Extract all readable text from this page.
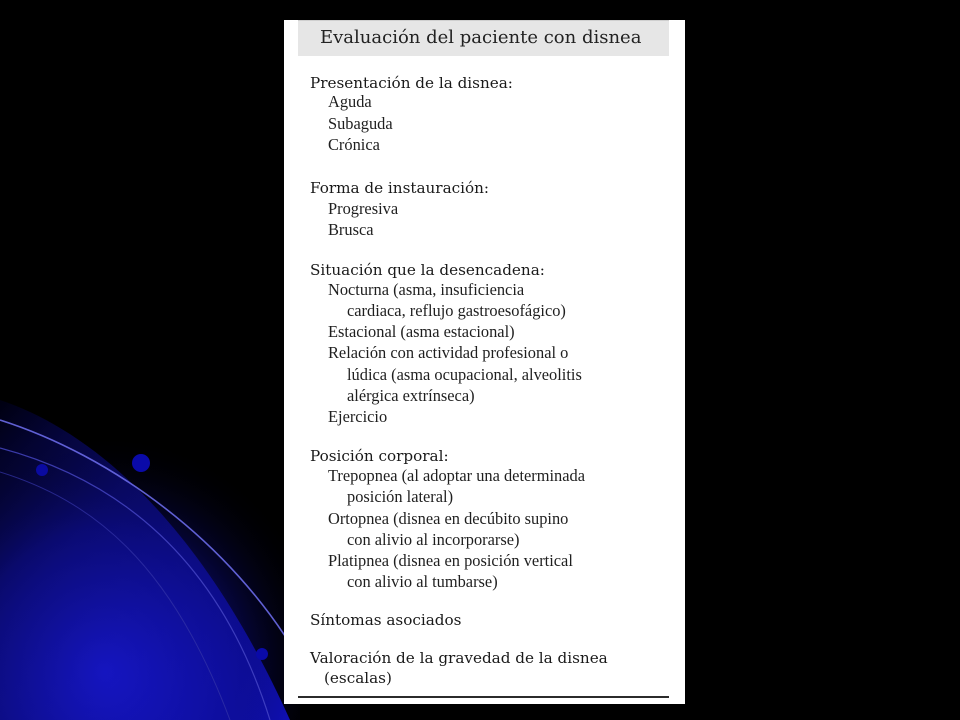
Evaluación del paciente con disnea
Presentación de la disnea:
Aguda
Subaguda
Crónica
Forma de instauración:
Progresiva
Brusca
Situación que la desencadena:
Nocturna (asma, insuficiencia
cardiaca, reflujo gastroesofágico)
Estacional (asma estacional)
Relación con actividad profesional o
lúdica (asma ocupacional, alveolitis
alérgica extrínseca)
Ejercicio
Posición corporal:
Trepopnea (al adoptar una determinada
posición lateral)
Ortopnea (disnea en decúbito supino
con alivio al incorporarse)
Platipnea (disnea en posición vertical
con alivio al tumbarse)
Síntomas asociados
Valoración de la gravedad de la disnea
(escalas)
